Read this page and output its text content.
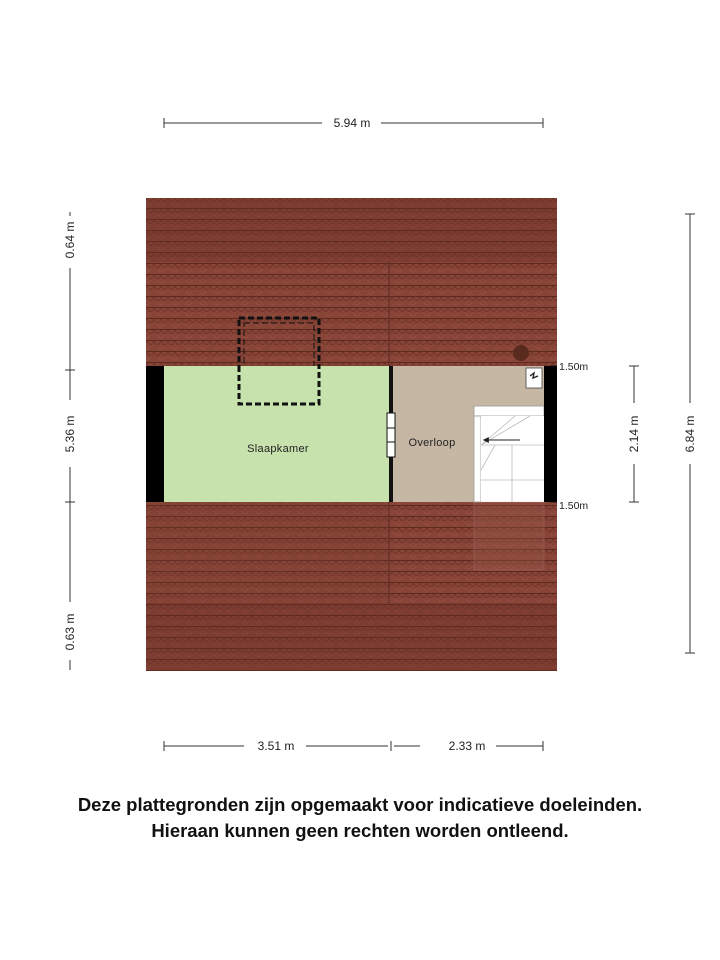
1.50m
1.50m
Slaapkamer	Overloop
5.94 m
0.64 m
5.36 m
0.63 m
2.14 m	6.84 m
3.51 m	2.33 m
Deze plattegronden zijn opgemaakt voor indicatieve doeleinden.
Hieraan kunnen geen rechten worden ontleend.
